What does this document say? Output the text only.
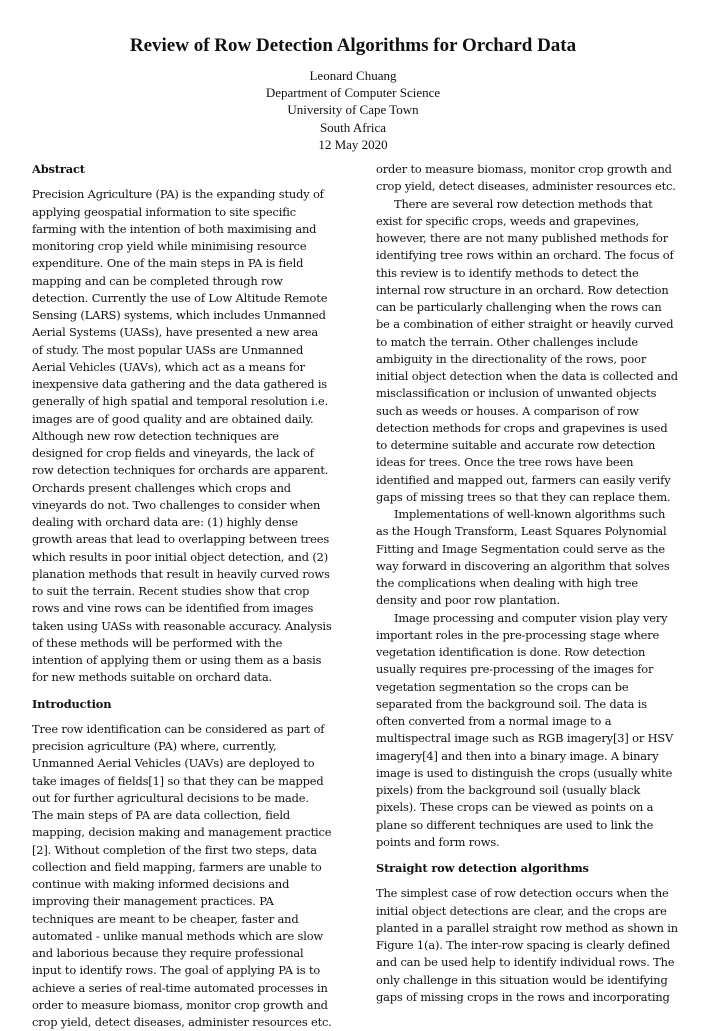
Review of Row Detection Algorithms for Orchard Data
Leonard Chuang
Department of Computer Science
University of Cape Town
South Africa
12 May 2020
Abstract

Precision Agriculture (PA) is the expanding study of applying geospatial information to site specific farming with the intention of both maximising and monitoring crop yield while minimising resource expenditure. One of the main steps in PA is field mapping and can be completed through row detection. Currently the use of Low Altitude Remote Sensing (LARS) systems, which includes Unmanned Aerial Systems (UASs), have presented a new area of study. The most popular UASs are Unmanned Aerial Vehicles (UAVs), which act as a means for inexpensive data gathering and the data gathered is generally of high spatial and temporal resolution i.e. images are of good quality and are obtained daily. Although new row detection techniques are designed for crop fields and vineyards, the lack of row detection techniques for orchards are apparent. Orchards present challenges which crops and vineyards do not. Two challenges to consider when dealing with orchard data are: (1) highly dense growth areas that lead to overlapping between trees which results in poor initial object detection, and (2) planation methods that result in heavily curved rows to suit the terrain. Recent studies show that crop rows and vine rows can be identified from images taken using UASs with reasonable accuracy. Analysis of these methods will be performed with the intention of applying them or using them as a basis for new methods suitable on orchard data.

Introduction

Tree row identification can be considered as part of precision agriculture (PA) where, currently, Unmanned Aerial Vehicles (UAVs) are deployed to take images of fields[1] so that they can be mapped out for further agricultural decisions to be made. The main steps of PA are data collection, field mapping, decision making and management practice [2]. Without completion of the first two steps, data collection and field mapping, farmers are unable to continue with making informed decisions and improving their management practices. PA techniques are meant to be cheaper, faster and automated - unlike manual methods which are slow and laborious because they require professional input to identify rows. The goal of applying PA is to achieve a series of real-time automated processes in order to measure biomass, monitor crop growth and crop yield, detect diseases, administer resources etc.

order to measure biomass, monitor crop growth and crop yield, detect diseases, administer resources etc.

There are several row detection methods that exist for specific crops, weeds and grapevines, however, there are not many published methods for identifying tree rows within an orchard. The focus of this review is to identify methods to detect the internal row structure in an orchard. Row detection can be particularly challenging when the rows can be a combination of either straight or heavily curved to match the terrain. Other challenges include ambiguity in the directionality of the rows, poor initial object detection when the data is collected and misclassification or inclusion of unwanted objects such as weeds or houses. A comparison of row detection methods for crops and grapevines is used to determine suitable and accurate row detection ideas for trees. Once the tree rows have been identified and mapped out, farmers can easily verify gaps of missing trees so that they can replace them.

Implementations of well-known algorithms such as the Hough Transform, Least Squares Polynomial Fitting and Image Segmentation could serve as the way forward in discovering an algorithm that solves the complications when dealing with high tree density and poor row plantation.

Image processing and computer vision play very important roles in the pre-processing stage where vegetation identification is done. Row detection usually requires pre-processing of the images for vegetation segmentation so the crops can be separated from the background soil. The data is often converted from a normal image to a multispectral image such as RGB imagery[3] or HSV imagery[4] and then into a binary image. A binary image is used to distinguish the crops (usually white pixels) from the background soil (usually black pixels). These crops can be viewed as points on a plane so different techniques are used to link the points and form rows.

Straight row detection algorithms

The simplest case of row detection occurs when the initial object detections are clear, and the crops are planted in a parallel straight row method as shown in Figure 1(a). The inter-row spacing is clearly defined and can be used help to identify individual rows. The only challenge in this situation would be identifying gaps of missing crops in the rows and incorporating
